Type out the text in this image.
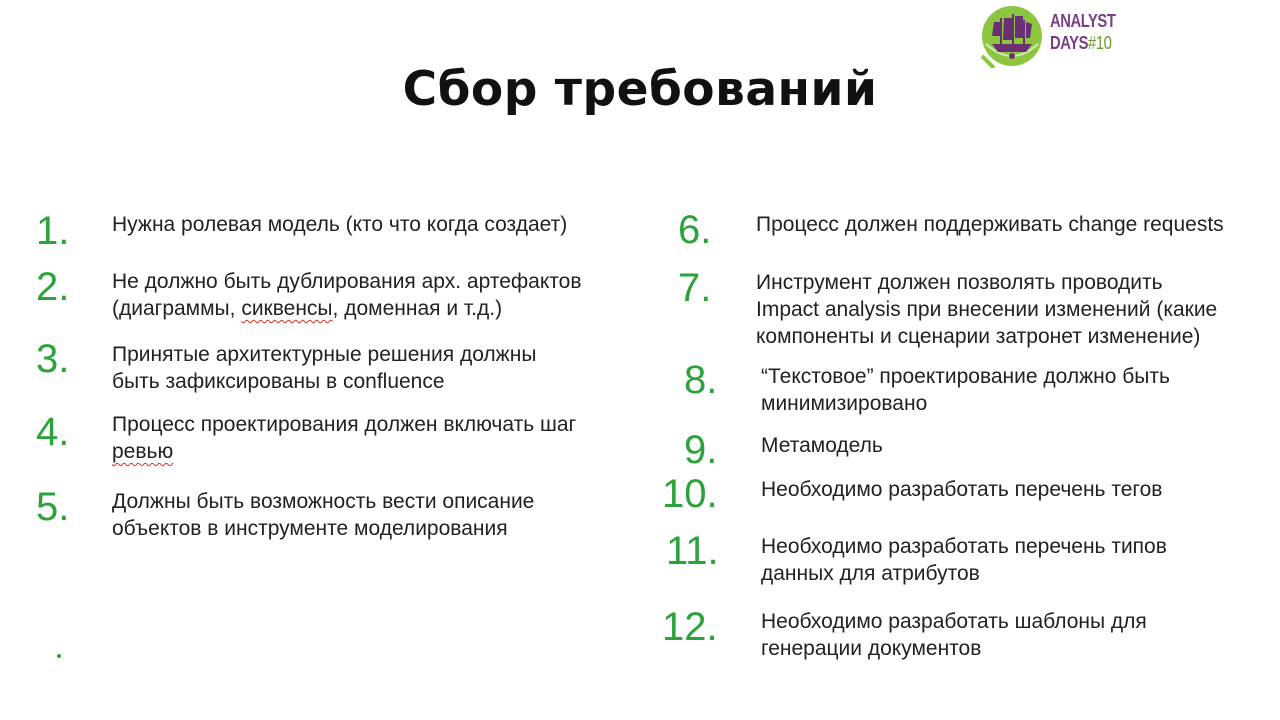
Сбор требований
ANALYST
DAYS#10
1. Нужна ролевая модель (кто что когда создает)
2. Не должно быть дублирования арх. артефактов
(диаграммы, сиквенсы, доменная и т.д.)
3. Принятые архитектурные решения должны
быть зафиксированы в confluence
4. Процесс проектирования должен включать шаг
ревью
5. Должны быть возможность вести описание
объектов в инструменте моделирования
6. Процесс должен поддерживать change requests
7. Инструмент должен позволять проводить
Impact analysis при внесении изменений (какие
компоненты и сценарии затронет изменение)
8. “Текстовое” проектирование должно быть
минимизировано
9. Метамодель
10. Необходимо разработать перечень тегов
11. Необходимо разработать перечень типов
данных для атрибутов
12. Необходимо разработать шаблоны для
генерации документов
